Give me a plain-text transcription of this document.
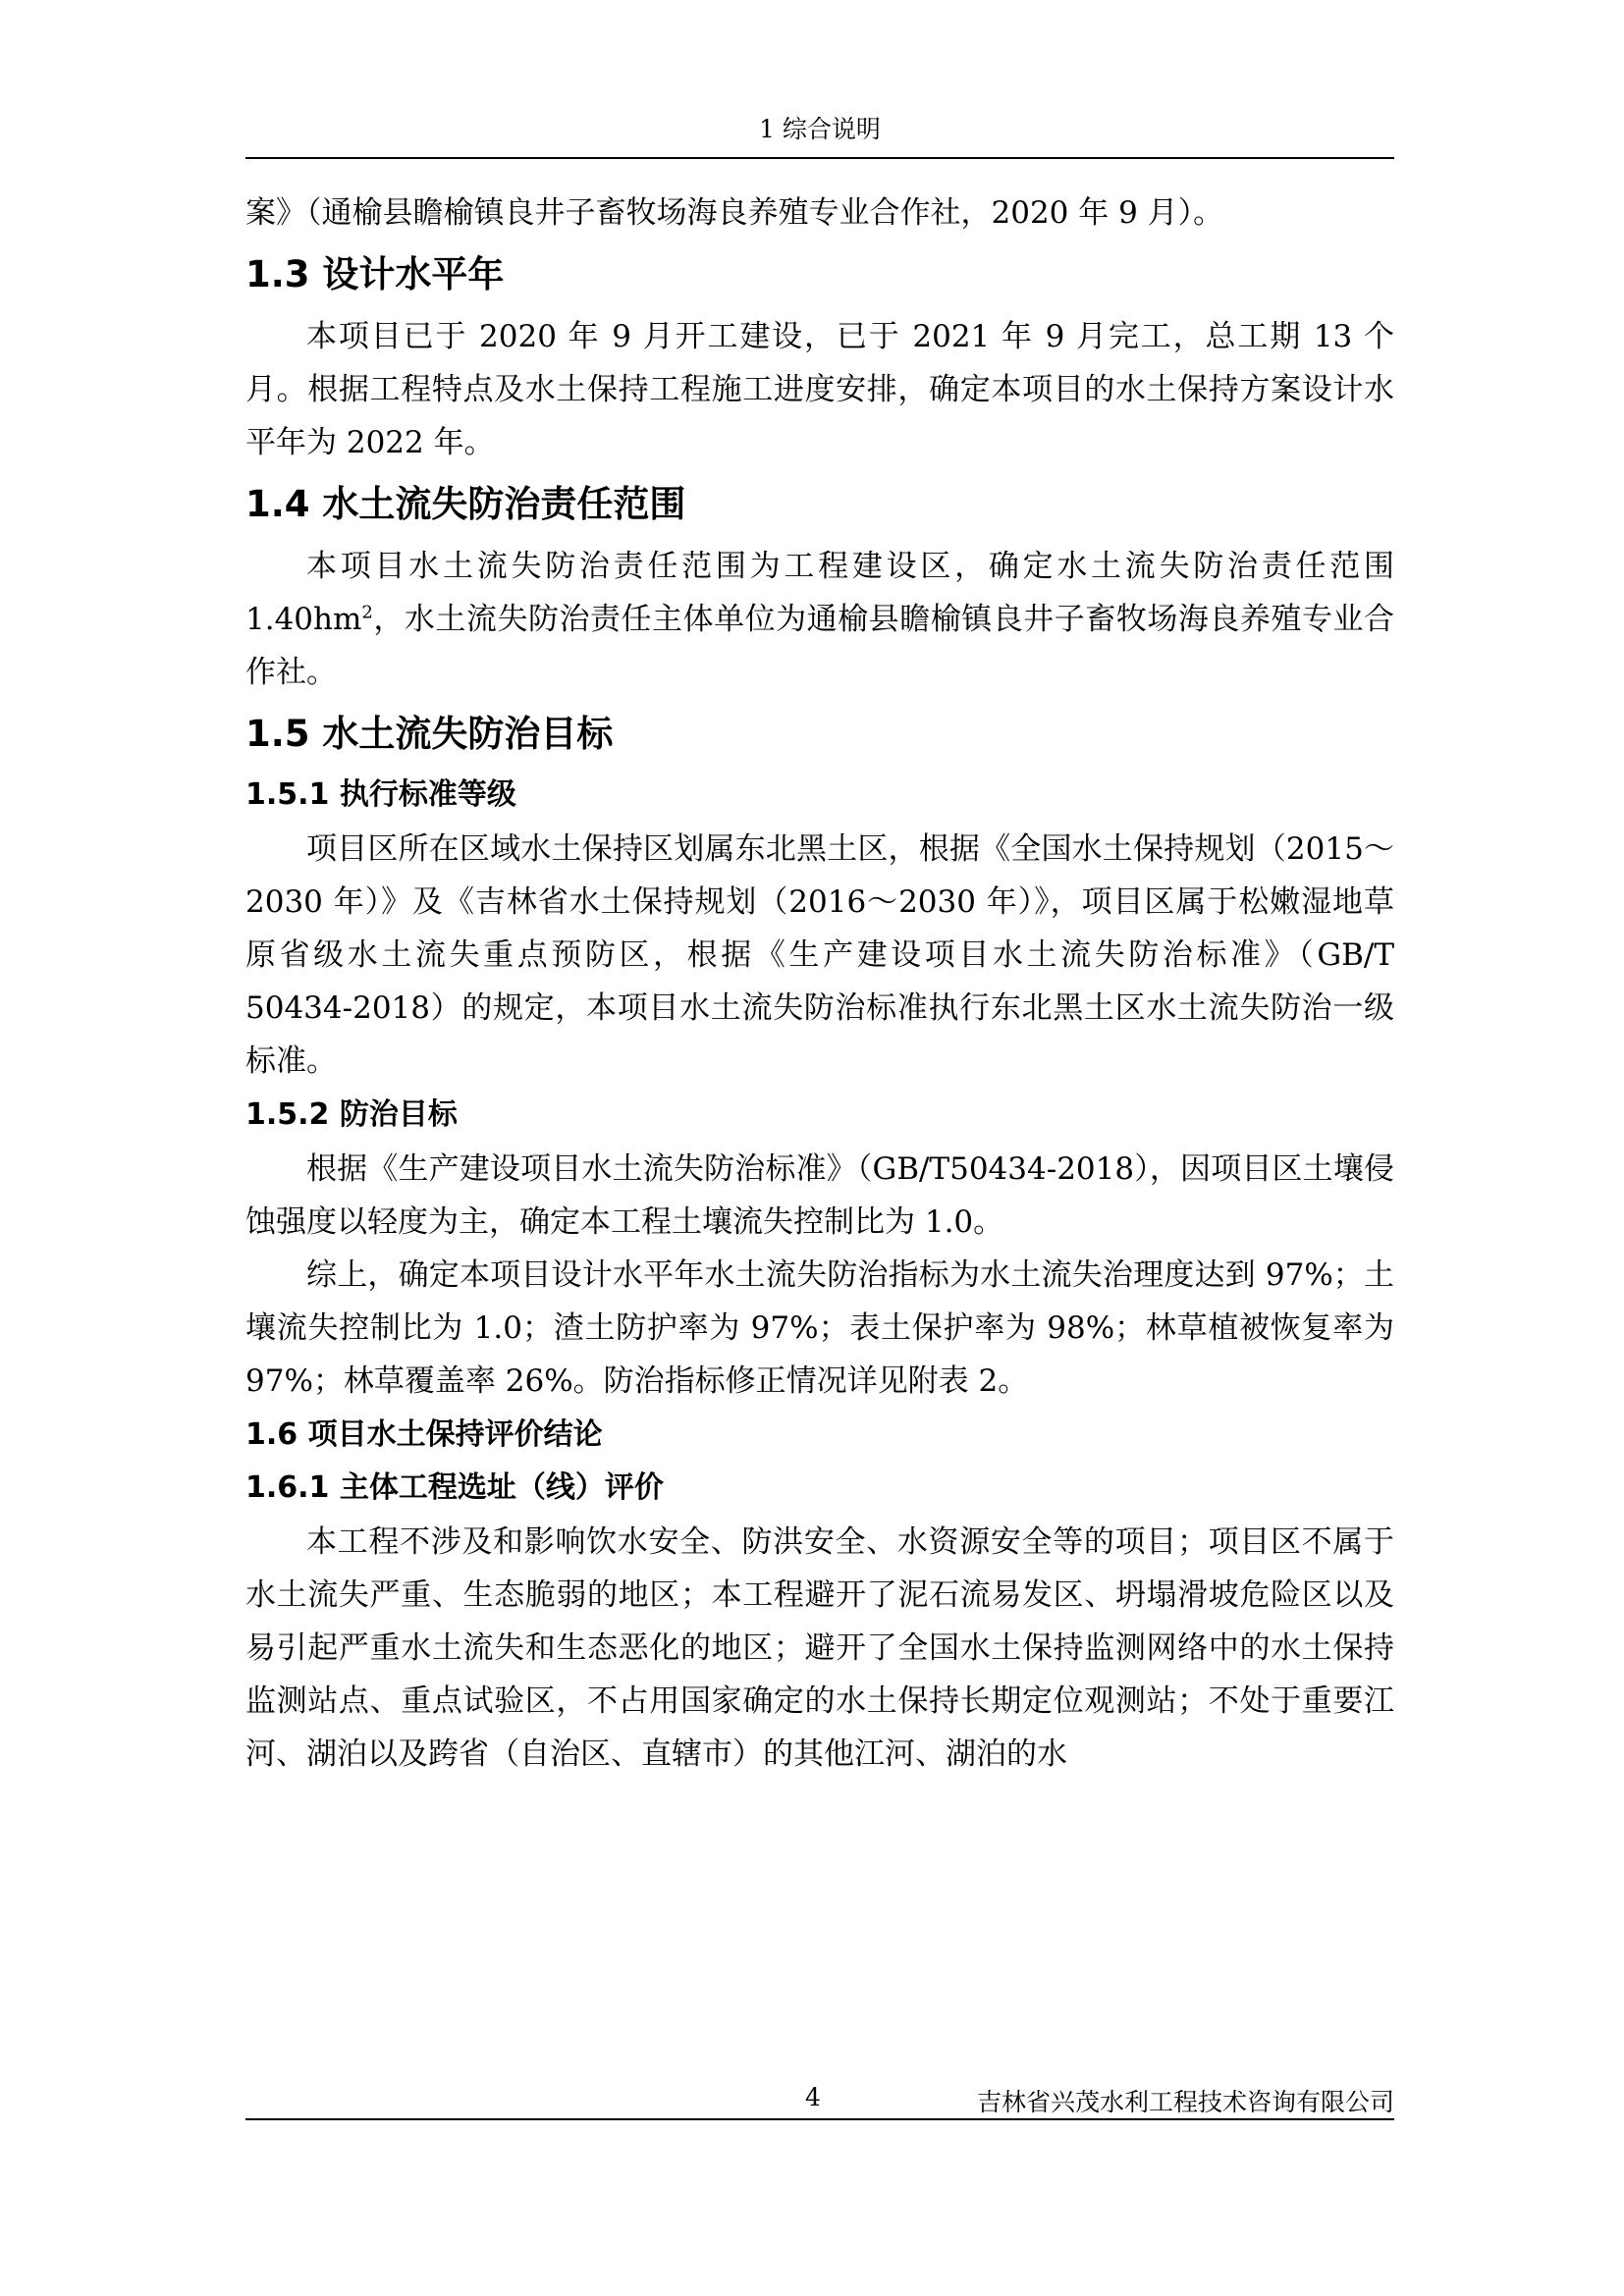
1 综合说明

案》（通榆县瞻榆镇良井子畜牧场海良养殖专业合作社，2020 年 9 月）。

1.3 设计水平年

本项目已于 2020 年 9 月开工建设，已于 2021 年 9 月完工，总工期 13 个月。根据工程特点及水土保持工程施工进度安排，确定本项目的水土保持方案设计水平年为 2022 年。

1.4 水土流失防治责任范围

本项目水土流失防治责任范围为工程建设区，确定水土流失防治责任范围 $1.40hm^2$，水土流失防治责任主体单位为通榆县瞻榆镇良井子畜牧场海良养殖专业合作社。

1.5 水土流失防治目标
1.5.1 执行标准等级

项目区所在区域水土保持区划属东北黑土区，根据《全国水土保持规划（2015～2030 年）》及《吉林省水土保持规划（2016～2030 年）》，项目区属于松嫩湿地草原省级水土流失重点预防区，根据《生产建设项目水土流失防治标准》（GB/T 50434-2018）的规定，本项目水土流失防治标准执行东北黑土区水土流失防治一级标准。

1.5.2 防治目标

根据《生产建设项目水土流失防治标准》（GB/T50434-2018），因项目区土壤侵蚀强度以轻度为主，确定本工程土壤流失控制比为 1.0。

综上，确定本项目设计水平年水土流失防治指标为水土流失治理度达到 97%；土壤流失控制比为 1.0；渣土防护率为 97%；表土保护率为 98%；林草植被恢复率为 97%；林草覆盖率 26%。防治指标修正情况详见附表 2。

1.6 项目水土保持评价结论
1.6.1 主体工程选址（线）评价

本工程不涉及和影响饮水安全、防洪安全、水资源安全等的项目；项目区不属于水土流失严重、生态脆弱的地区；本工程避开了泥石流易发区、坍塌滑坡危险区以及易引起严重水土流失和生态恶化的地区；避开了全国水土保持监测网络中的水土保持监测站点、重点试验区，不占用国家确定的水土保持长期定位观测站；不处于重要江河、湖泊以及跨省（自治区、直辖市）的其他江河、湖泊的水

4	吉林省兴茂水利工程技术咨询有限公司
